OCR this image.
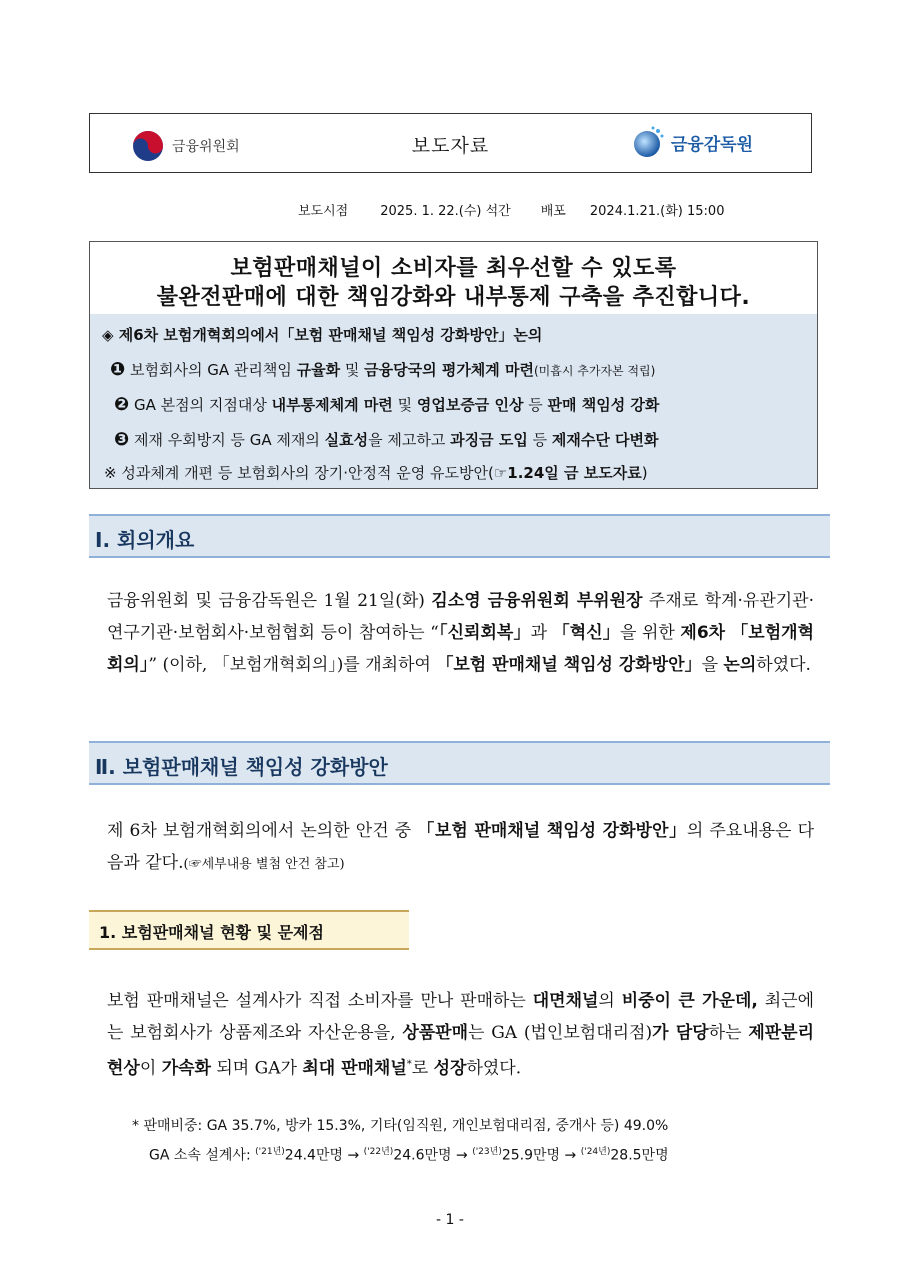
금융위원회	보도자료	금융감독원
보도시점 2025. 1. 22.(수) 석간 배포 2024.1.21.(화) 15:00
보험판매채널이 소비자를 최우선할 수 있도록
불완전판매에 대한 책임강화와 내부통제 구축을 추진합니다.
◈ 제6차 보험개혁회의에서「보험 판매채널 책임성 강화방안」논의
❶ 보험회사의 GA 관리책임 규율화 및 금융당국의 평가체계 마련(미흡시 추가자본 적립)
❷ GA 본점의 지점대상 내부통제체계 마련 및 영업보증금 인상 등 판매 책임성 강화
❸ 제재 우회방지 등 GA 제재의 실효성을 제고하고 과징금 도입 등 제재수단 다변화
※ 성과체계 개편 등 보험회사의 장기·안정적 운영 유도방안(☞1.24일 금 보도자료)
Ⅰ. 회의개요
금융위원회 및 금융감독원은 1월 21일(화) 김소영 금융위원회 부위원장 주재로 학계·유관기관·연구기관·보험회사·보험협회 등이 참여하는 “「신뢰회복」과 「혁신」을 위한 제6차 「보험개혁회의」” (이하, 「보험개혁회의」)를 개최하여 「보험 판매채널 책임성 강화방안」을 논의하였다.
Ⅱ. 보험판매채널 책임성 강화방안
제 6차 보험개혁회의에서 논의한 안건 중 「보험 판매채널 책임성 강화방안」의 주요내용은 다음과 같다.(☞세부내용 별첨 안건 참고)
1. 보험판매채널 현황 및 문제점
보험 판매채널은 설계사가 직접 소비자를 만나 판매하는 대면채널의 비중이 큰 가운데, 최근에는 보험회사가 상품제조와 자산운용을, 상품판매는 GA (법인보험대리점)가 담당하는 제판분리 현상이 가속화 되며 GA가 최대 판매채널*로 성장하였다.
* 판매비중: GA 35.7%, 방카 15.3%, 기타(임직원, 개인보험대리점, 중개사 등) 49.0%
GA 소속 설계사: $^{('21년)}$24.4만명 → $^{('22년)}$24.6만명 → $^{('23년)}$25.9만명 → $^{('24년)}$28.5만명
- 1 -
